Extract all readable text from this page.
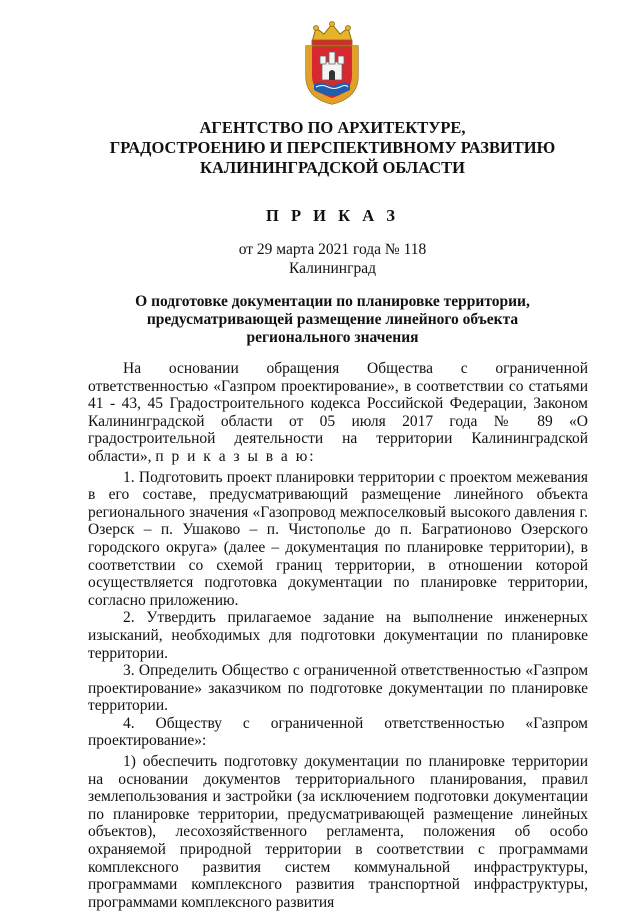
АГЕНТСТВО ПО АРХИТЕКТУРЕ,
ГРАДОСТРОЕНИЮ И ПЕРСПЕКТИВНОМУ РАЗВИТИЮ
КАЛИНИНГРАДСКОЙ ОБЛАСТИ
П Р И К А З
от 29 марта 2021 года № 118
Калининград
О подготовке документации по планировке территории,
предусматривающей размещение линейного объекта
регионального значения

На основании обращения Общества с ограниченной ответственностью «Газпром проектирование», в соответствии со статьями 41 - 43, 45 Градостроительного кодекса Российской Федерации, Законом Калининградской области от 05 июля 2017 года № 89 «О градостроительной деятельности на территории Калининградской области», п р и к а з ы в а ю:

1. Подготовить проект планировки территории с проектом межевания в его составе, предусматривающий размещение линейного объекта регионального значения «Газопровод межпоселковый высокого давления г. Озерск – п. Ушаково – п. Чистополье до п. Багратионово Озерского городского округа» (далее – документация по планировке территории), в соответствии со схемой границ территории, в отношении которой осуществляется подготовка документации по планировке территории, согласно приложению.

2. Утвердить прилагаемое задание на выполнение инженерных изысканий, необходимых для подготовки документации по планировке территории.

3. Определить Общество с ограниченной ответственностью «Газпром проектирование» заказчиком по подготовке документации по планировке территории.

4. Обществу с ограниченной ответственностью «Газпром проектирование»:

1) обеспечить подготовку документации по планировке территории на основании документов территориального планирования, правил землепользования и застройки (за исключением подготовки документации по планировке территории, предусматривающей размещение линейных объектов), лесохозяйственного регламента, положения об особо охраняемой природной территории в соответствии с программами комплексного развития систем коммунальной инфраструктуры, программами комплексного развития транспортной инфраструктуры, программами комплексного развития
